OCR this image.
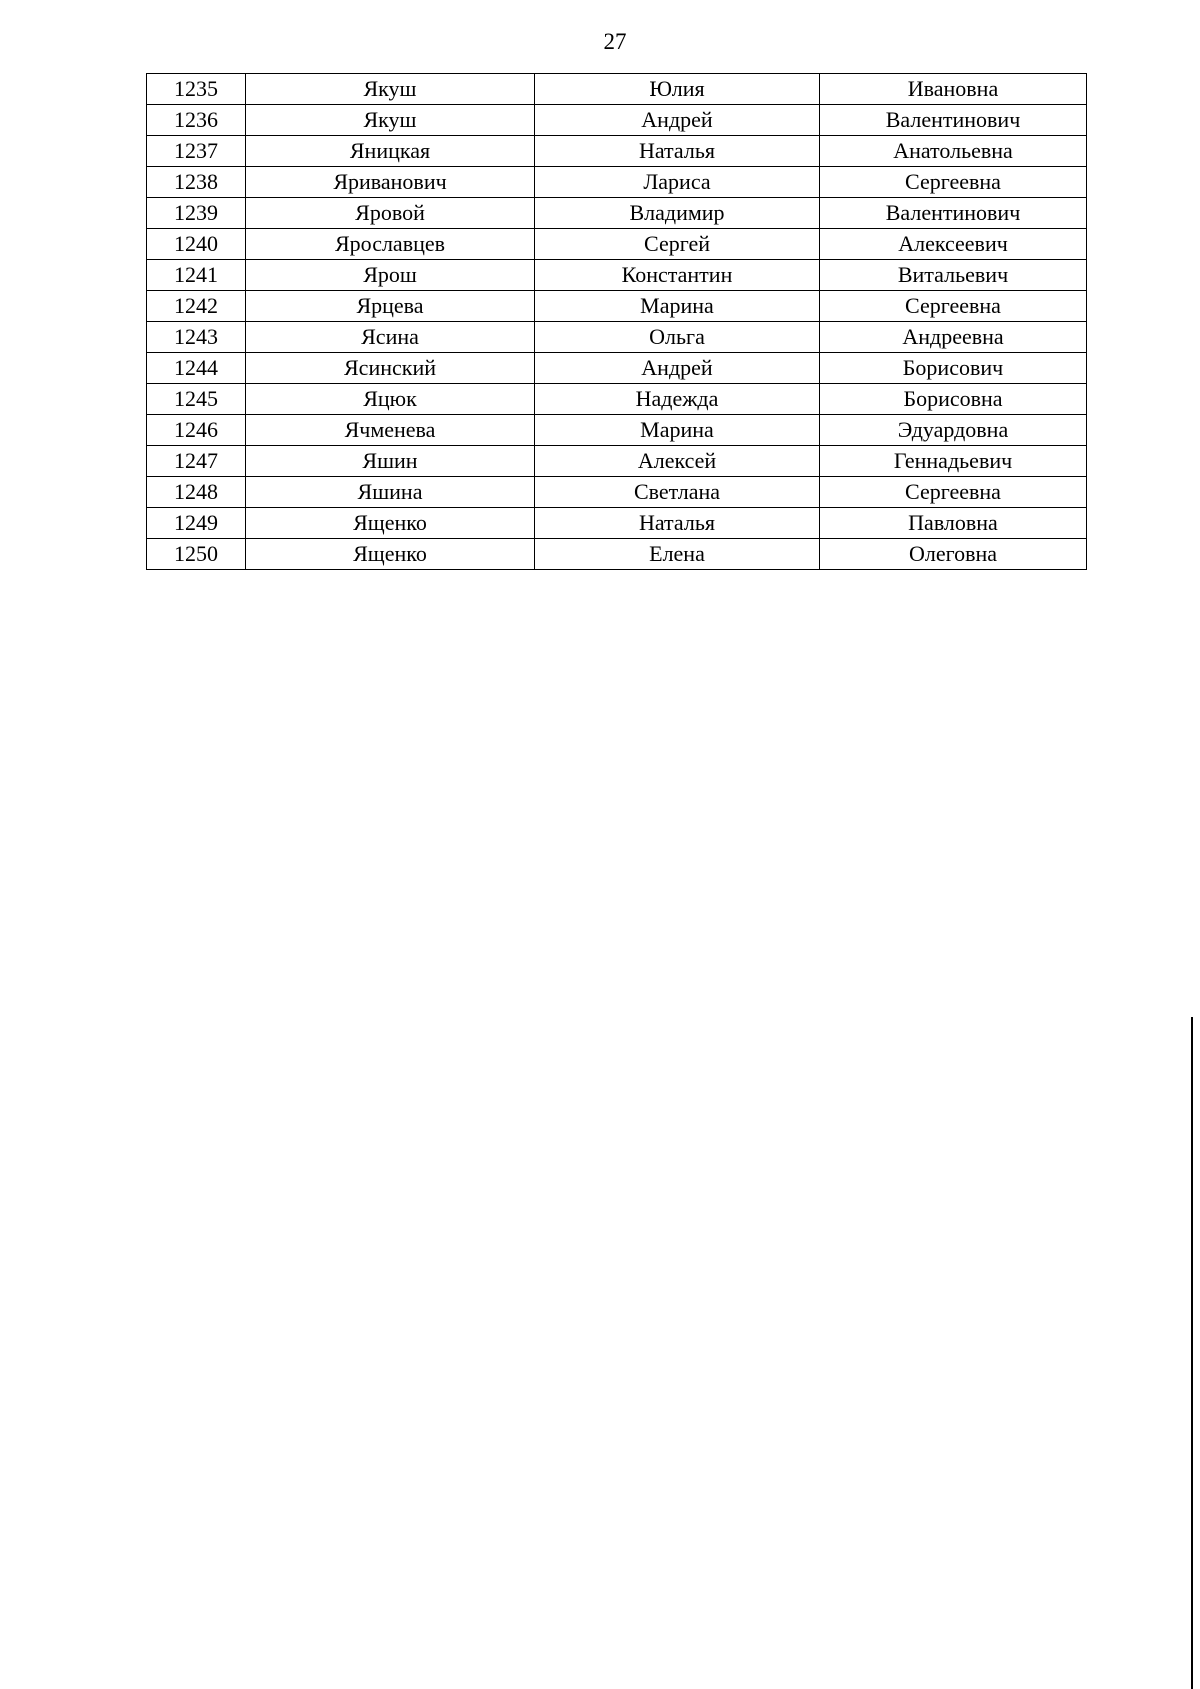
27
1235	Якуш	Юлия	Ивановна
1236	Якуш	Андрей	Валентинович
1237	Яницкая	Наталья	Анатольевна
1238	Яриванович	Лариса	Сергеевна
1239	Яровой	Владимир	Валентинович
1240	Ярославцев	Сергей	Алексеевич
1241	Ярош	Константин	Витальевич
1242	Ярцева	Марина	Сергеевна
1243	Ясина	Ольга	Андреевна
1244	Ясинский	Андрей	Борисович
1245	Яцюк	Надежда	Борисовна
1246	Ячменева	Марина	Эдуардовна
1247	Яшин	Алексей	Геннадьевич
1248	Яшина	Светлана	Сергеевна
1249	Ященко	Наталья	Павловна
1250	Ященко	Елена	Олеговна
